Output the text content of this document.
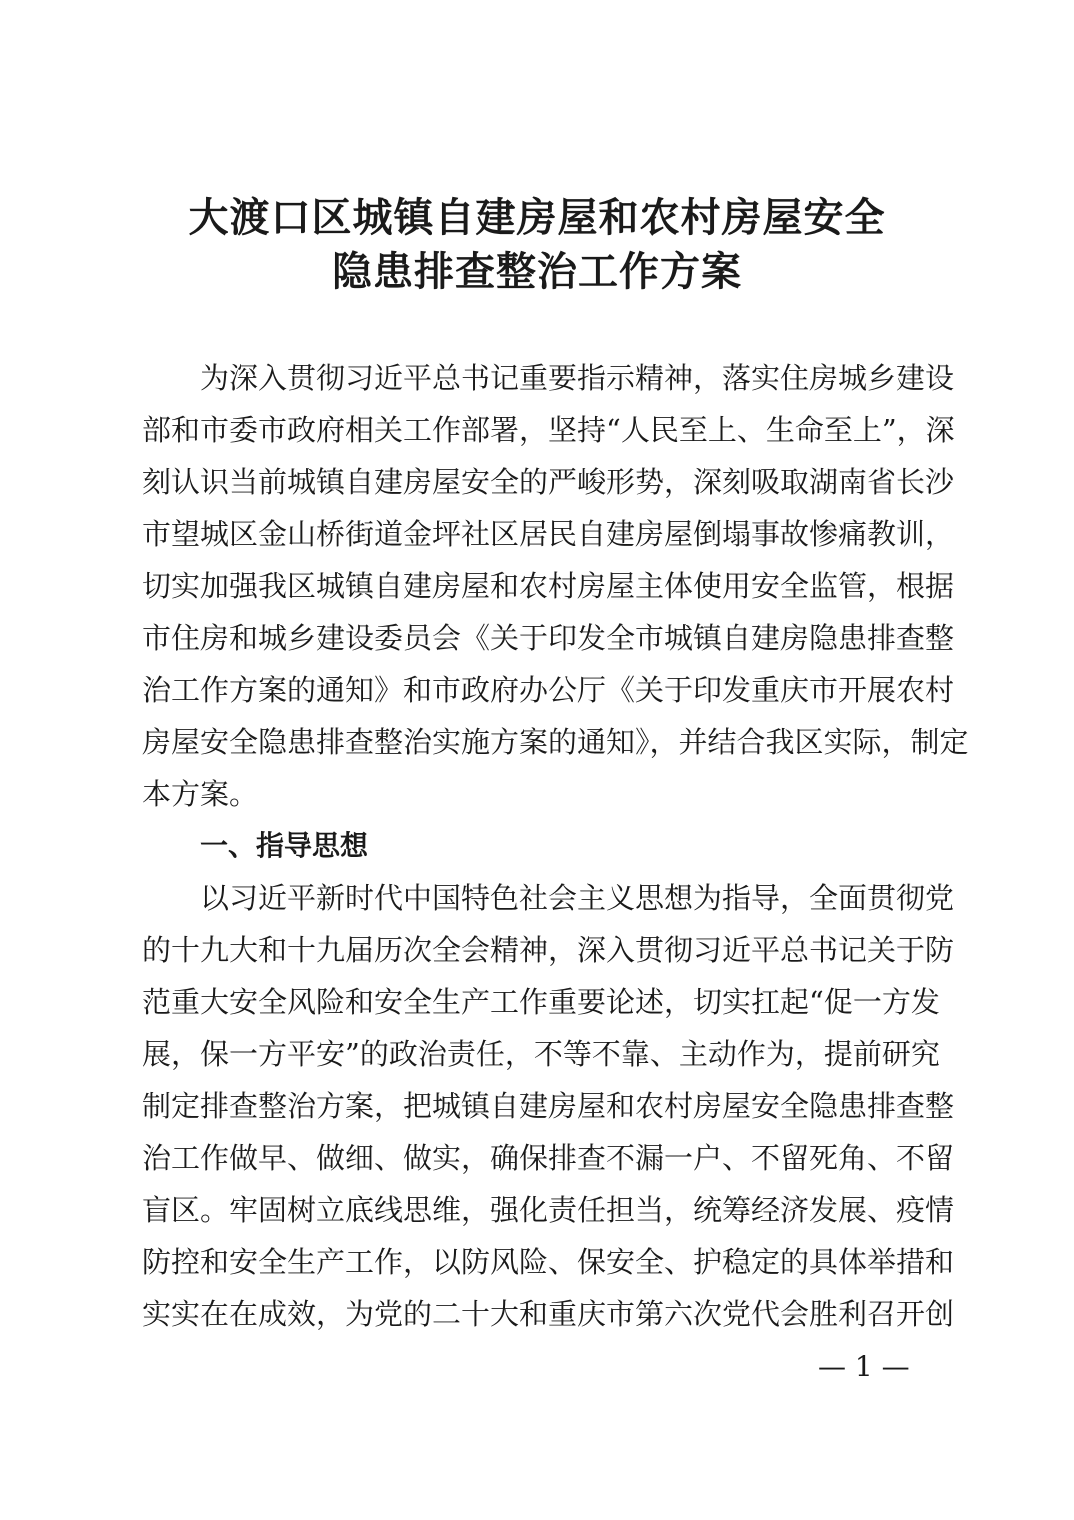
大渡口区城镇自建房屋和农村房屋安全
隐患排查整治工作方案
为深入贯彻习近平总书记重要指示精神，落实住房城乡建设
部和市委市政府相关工作部署，坚持“人民至上、生命至上”，深
刻认识当前城镇自建房屋安全的严峻形势，深刻吸取湖南省长沙
市望城区金山桥街道金坪社区居民自建房屋倒塌事故惨痛教训，
切实加强我区城镇自建房屋和农村房屋主体使用安全监管，根据
市住房和城乡建设委员会《关于印发全市城镇自建房隐患排查整
治工作方案的通知》和市政府办公厅《关于印发重庆市开展农村
房屋安全隐患排查整治实施方案的通知》，并结合我区实际，制定
本方案。
一、指导思想
以习近平新时代中国特色社会主义思想为指导，全面贯彻党
的十九大和十九届历次全会精神，深入贯彻习近平总书记关于防
范重大安全风险和安全生产工作重要论述，切实扛起“促一方发
展，保一方平安”的政治责任，不等不靠、主动作为，提前研究
制定排查整治方案，把城镇自建房屋和农村房屋安全隐患排查整
治工作做早、做细、做实，确保排查不漏一户、不留死角、不留
盲区。牢固树立底线思维，强化责任担当，统筹经济发展、疫情
防控和安全生产工作，以防风险、保安全、护稳定的具体举措和
实实在在成效，为党的二十大和重庆市第六次党代会胜利召开创
— 1 —
